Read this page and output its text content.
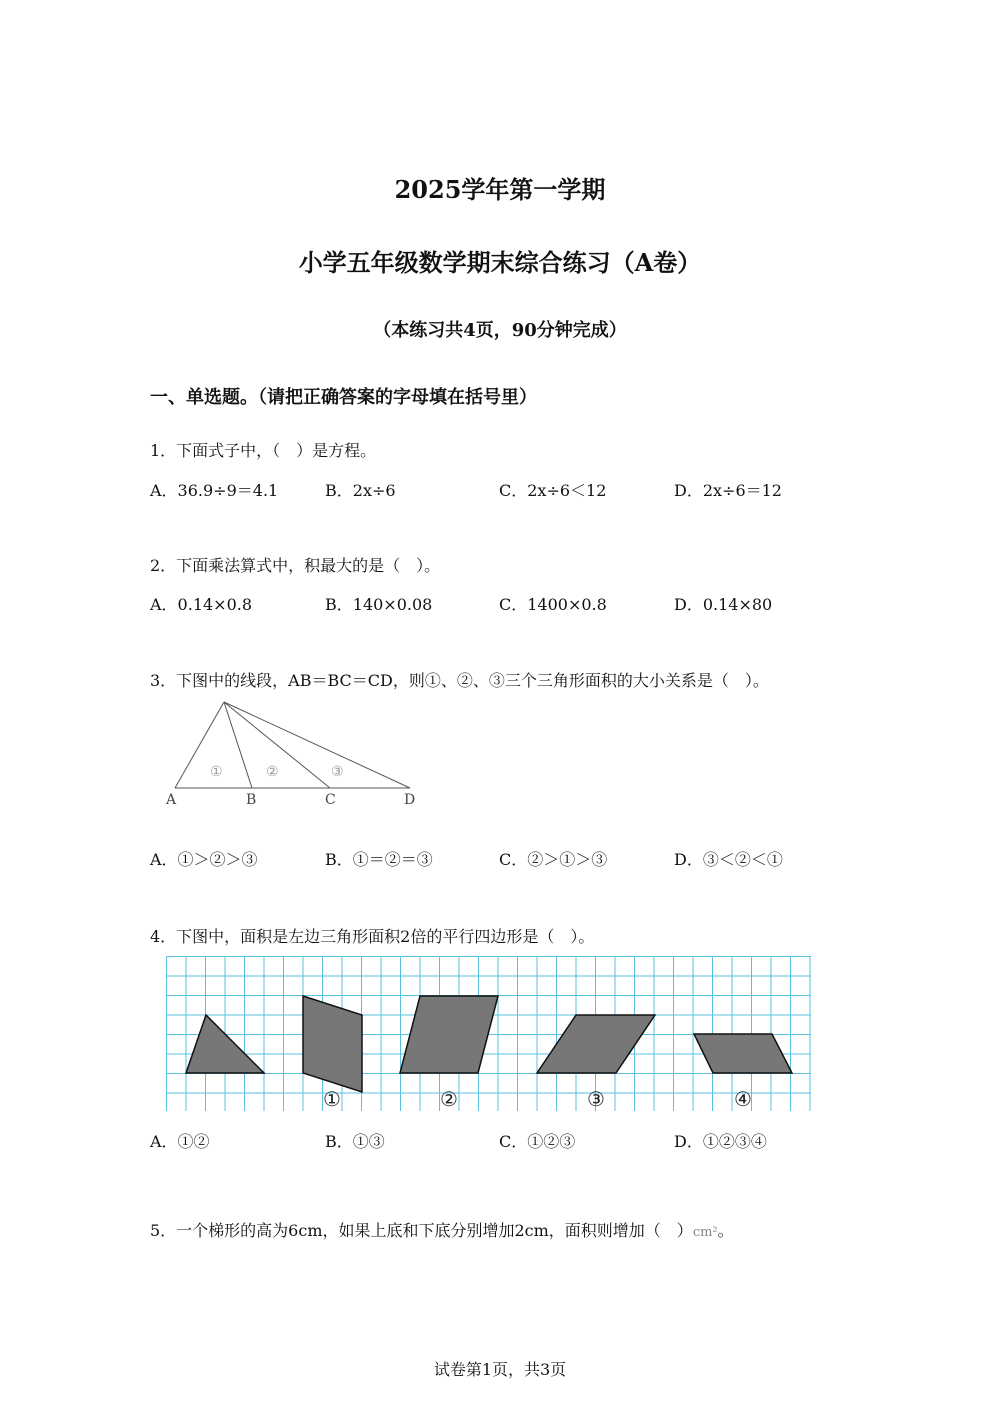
2025学年第一学期
小学五年级数学期末综合练习（A卷）
（本练习共4页，90分钟完成）
一、单选题。（请把正确答案的字母填在括号里）
1．下面式子中，（　）是方程。
A．36.9÷9＝4.1	B．2x÷6	C．2x÷6＜12	D．2x÷6＝12
2．下面乘法算式中，积最大的是（　）。
A．0.14×0.8	B．140×0.08	C．1400×0.8	D．0.14×80
3．下图中的线段，AB＝BC＝CD，则①、②、③三个三角形面积的大小关系是（　）。
①	②	③
A	B	C	D
A．①＞②＞③	B．①＝②＝③	C．②＞①＞③	D．③＜②＜①
4．下图中，面积是左边三角形面积2倍的平行四边形是（　）。
①	②	③	④
A．①②	B．①③	C．①②③	D．①②③④
5．一个梯形的高为6cm，如果上底和下底分别增加2cm，面积则增加（　）cm²。
试卷第1页，共3页
